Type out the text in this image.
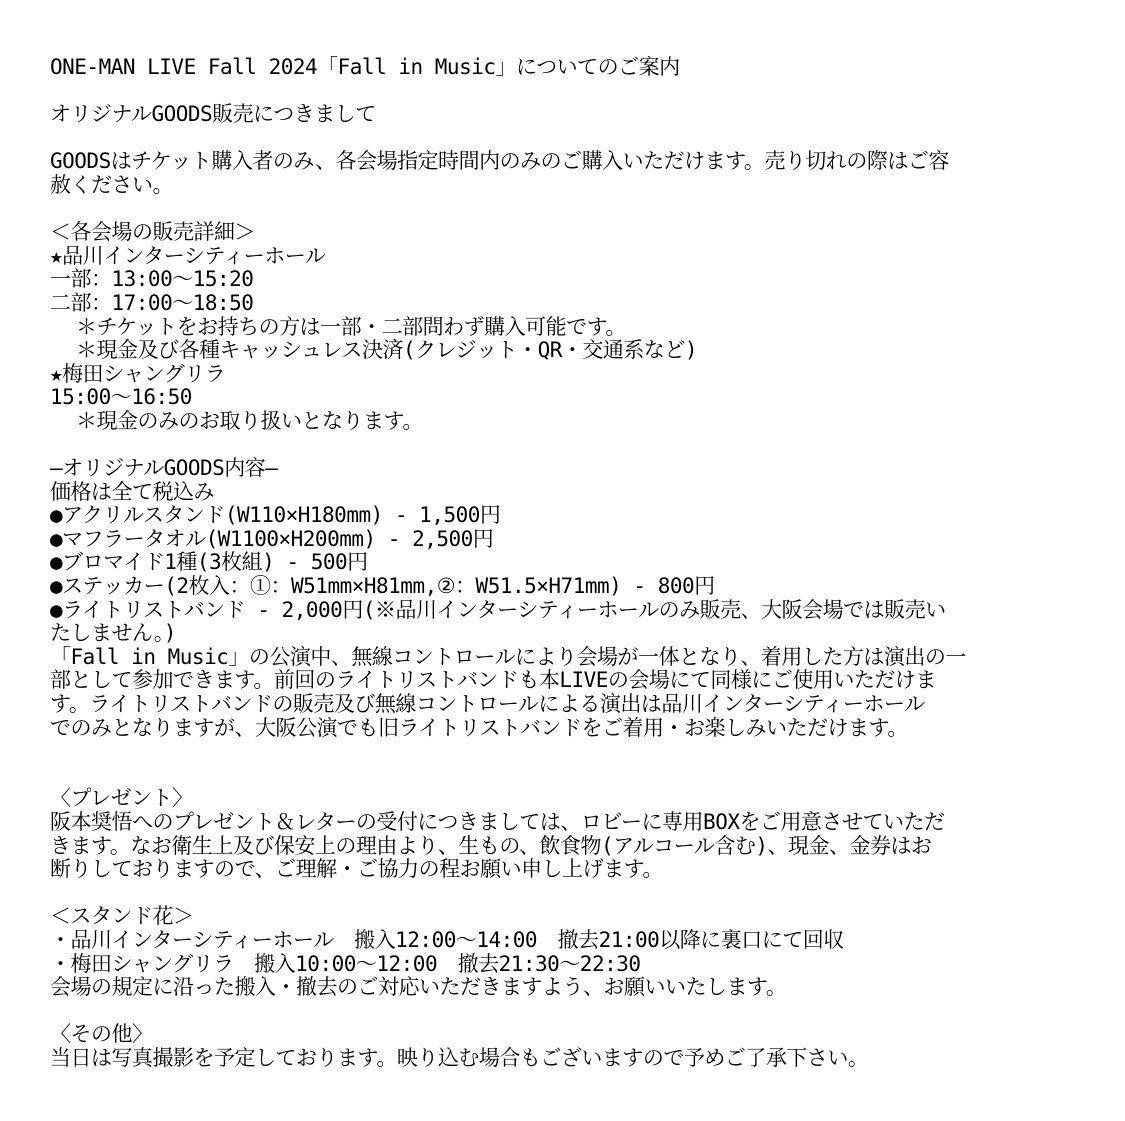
ONE-MAN LIVE Fall 2024「Fall in Music」についてのご案内
オリジナルGOODS販売につきまして
GOODSはチケット購入者のみ、各会場指定時間内のみのご購入いただけます。売り切れの際はご容
赦ください。
＜各会場の販売詳細＞
★品川インターシティーホール
一部：13:00〜15:20
二部：17:00〜18:50
＊チケットをお持ちの方は一部・二部問わず購入可能です。
＊現金及び各種キャッシュレス決済(クレジット・QR・交通系など)
★梅田シャングリラ
15:00〜16:50
＊現金のみのお取り扱いとなります。
―オリジナルGOODS内容―
価格は全て税込み
●アクリルスタンド(W110×H180mm) - 1,500円
●マフラータオル(W1100×H200mm) - 2,500円
●ブロマイド1種(3枚組) - 500円
●ステッカー(2枚入：①：W51mm×H81mm,②：W51.5×H71mm) - 800円
●ライトリストバンド - 2,000円(※品川インターシティーホールのみ販売、大阪会場では販売い
たしません。)
「Fall in Music」の公演中、無線コントロールにより会場が一体となり、着用した方は演出の一
部として参加できます。前回のライトリストバンドも本LIVEの会場にて同様にご使用いただけま
す。ライトリストバンドの販売及び無線コントロールによる演出は品川インターシティーホール
でのみとなりますが、大阪公演でも旧ライトリストバンドをご着用・お楽しみいただけます。
〈プレゼント〉
阪本奨悟へのプレゼント＆レターの受付につきましては、ロビーに専用BOXをご用意させていただ
きます。なお衛生上及び保安上の理由より、生もの、飲食物(アルコール含む)、現金、金券はお
断りしておりますので、ご理解・ご協力の程お願い申し上げます。
＜スタンド花＞
・品川インターシティーホール　搬入12:00〜14:00　撤去21:00以降に裏口にて回収
・梅田シャングリラ　搬入10:00〜12:00　撤去21:30〜22:30
会場の規定に沿った搬入・撤去のご対応いただきますよう、お願いいたします。
〈その他〉
当日は写真撮影を予定しております。映り込む場合もございますので予めご了承下さい。
